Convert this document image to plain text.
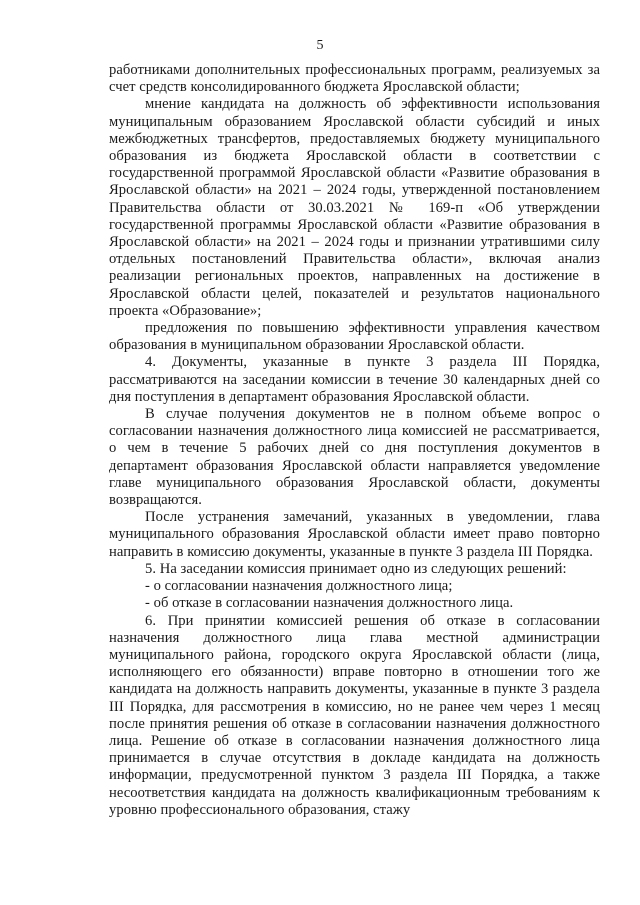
5

работниками дополнительных профессиональных программ, реализуемых за счет средств консолидированного бюджета Ярославской области;

мнение кандидата на должность об эффективности использования муниципальным образованием Ярославской области субсидий и иных межбюджетных трансфертов, предоставляемых бюджету муниципального образования из бюджета Ярославской области в соответствии с государственной программой Ярославской области «Развитие образования в Ярославской области» на 2021 – 2024 годы, утвержденной постановлением Правительства области от 30.03.2021 № 169-п «Об утверждении государственной программы Ярославской области «Развитие образования в Ярославской области» на 2021 – 2024 годы и признании утратившими силу отдельных постановлений Правительства области», включая анализ реализации региональных проектов, направленных на достижение в Ярославской области целей, показателей и результатов национального проекта «Образование»;

предложения по повышению эффективности управления качеством образования в муниципальном образовании Ярославской области.

4. Документы, указанные в пункте 3 раздела III Порядка, рассматриваются на заседании комиссии в течение 30 календарных дней со дня поступления в департамент образования Ярославской области.

В случае получения документов не в полном объеме вопрос о согласовании назначения должностного лица комиссией не рассматривается, о чем в течение 5 рабочих дней со дня поступления документов в департамент образования Ярославской области направляется уведомление главе муниципального образования Ярославской области, документы возвращаются.

После устранения замечаний, указанных в уведомлении, глава муниципального образования Ярославской области имеет право повторно направить в комиссию документы, указанные в пункте 3 раздела III Порядка.

5. На заседании комиссия принимает одно из следующих решений:

- о согласовании назначения должностного лица;

- об отказе в согласовании назначения должностного лица.

6. При принятии комиссией решения об отказе в согласовании назначения должностного лица глава местной администрации муниципального района, городского округа Ярославской области (лица, исполняющего его обязанности) вправе повторно в отношении того же кандидата на должность направить документы, указанные в пункте 3 раздела III Порядка, для рассмотрения в комиссию, но не ранее чем через 1 месяц после принятия решения об отказе в согласовании назначения должностного лица. Решение об отказе в согласовании назначения должностного лица принимается в случае отсутствия в докладе кандидата на должность информации, предусмотренной пунктом 3 раздела III Порядка, а также несоответствия кандидата на должность квалификационным требованиям к уровню профессионального образования, стажу
